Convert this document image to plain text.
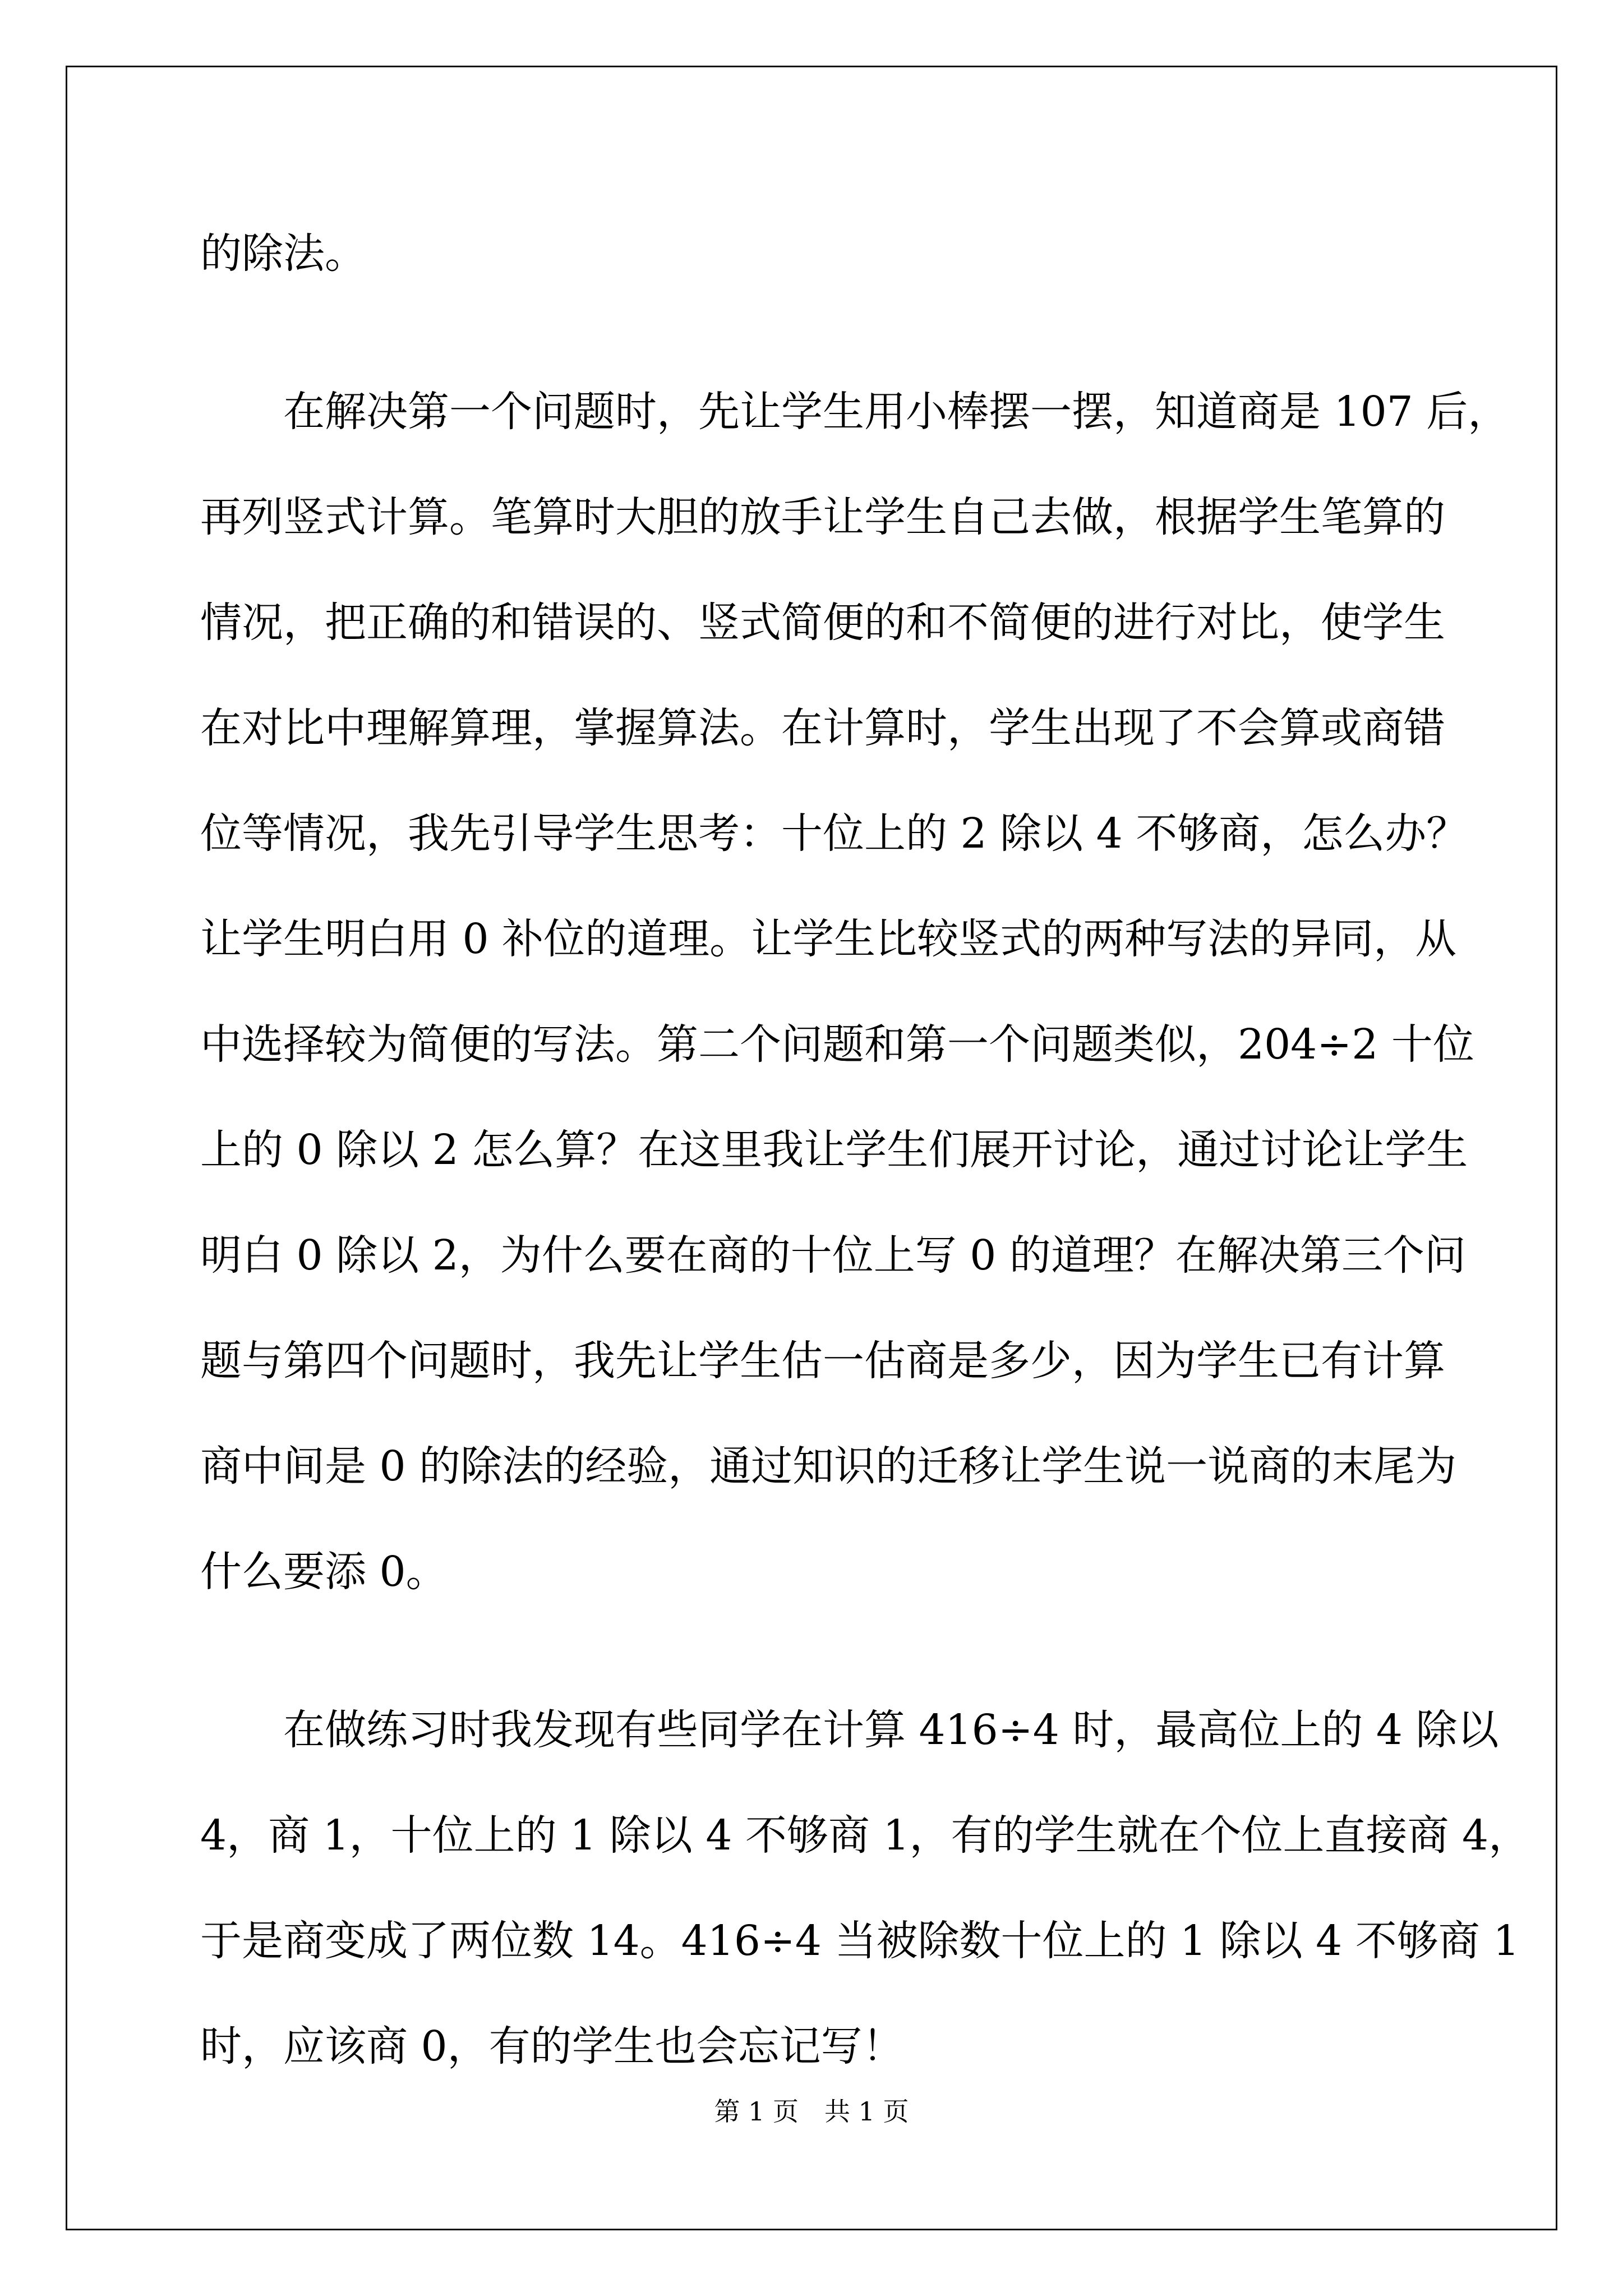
的除法。
在解决第一个问题时，先让学生用小棒摆一摆，知道商是 107 后，
再列竖式计算。笔算时大胆的放手让学生自己去做，根据学生笔算的
情况，把正确的和错误的、竖式简便的和不简便的进行对比，使学生
在对比中理解算理，掌握算法。在计算时，学生出现了不会算或商错
位等情况，我先引导学生思考：十位上的 2 除以 4 不够商，怎么办？
让学生明白用 0 补位的道理。让学生比较竖式的两种写法的异同，从
中选择较为简便的写法。第二个问题和第一个问题类似，204÷2 十位
上的 0 除以 2 怎么算？在这里我让学生们展开讨论，通过讨论让学生
明白 0 除以 2，为什么要在商的十位上写 0 的道理？在解决第三个问
题与第四个问题时，我先让学生估一估商是多少，因为学生已有计算
商中间是 0 的除法的经验，通过知识的迁移让学生说一说商的末尾为
什么要添 0。
在做练习时我发现有些同学在计算 416÷4 时，最高位上的 4 除以
4，商 1，十位上的 1 除以 4 不够商 1，有的学生就在个位上直接商 4，
于是商变成了两位数 14。416÷4 当被除数十位上的 1 除以 4 不够商 1
时，应该商 0，有的学生也会忘记写！
第 1 页 共 1 页
